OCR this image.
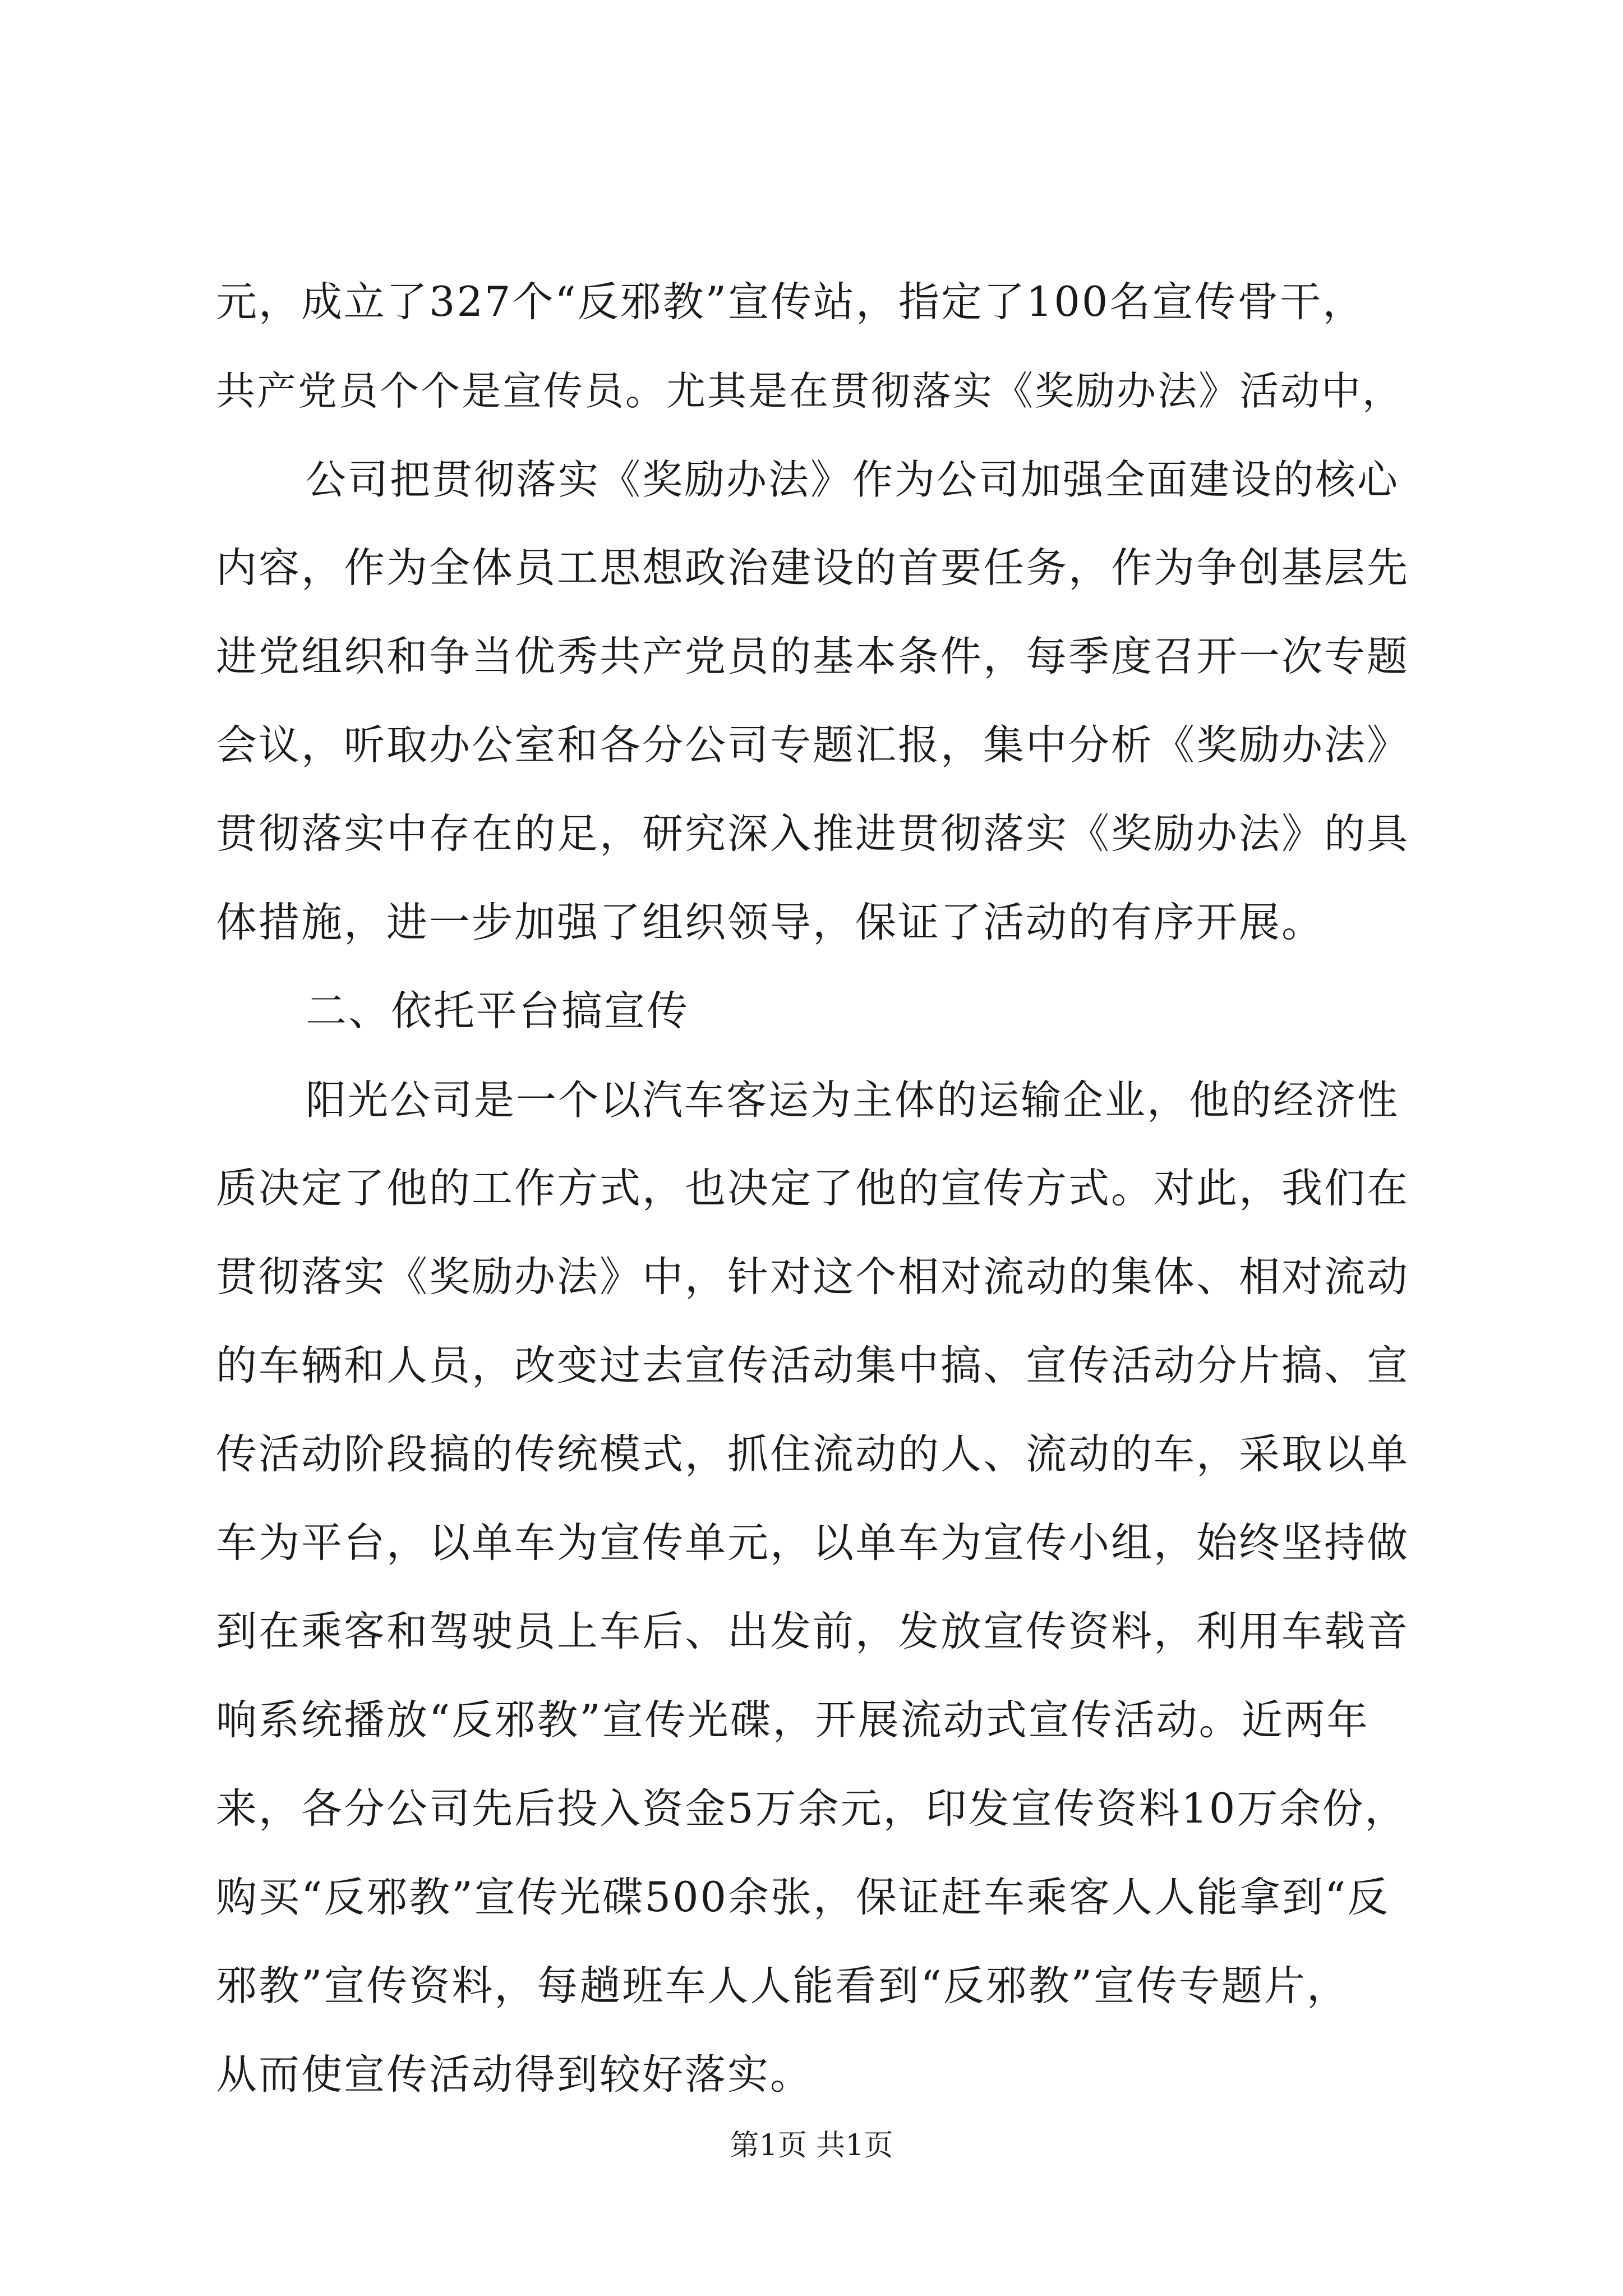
元，成立了327个“反邪教”宣传站，指定了100名宣传骨干，
共产党员个个是宣传员。尤其是在贯彻落实《奖励办法》活动中，
公司把贯彻落实《奖励办法》作为公司加强全面建设的核心
内容，作为全体员工思想政治建设的首要任务，作为争创基层先
进党组织和争当优秀共产党员的基本条件，每季度召开一次专题
会议，听取办公室和各分公司专题汇报，集中分析《奖励办法》
贯彻落实中存在的足，研究深入推进贯彻落实《奖励办法》的具
体措施，进一步加强了组织领导，保证了活动的有序开展。
二、依托平台搞宣传
阳光公司是一个以汽车客运为主体的运输企业，他的经济性
质决定了他的工作方式，也决定了他的宣传方式。对此，我们在
贯彻落实《奖励办法》中，针对这个相对流动的集体、相对流动
的车辆和人员，改变过去宣传活动集中搞、宣传活动分片搞、宣
传活动阶段搞的传统模式，抓住流动的人、流动的车，采取以单
车为平台，以单车为宣传单元，以单车为宣传小组，始终坚持做
到在乘客和驾驶员上车后、出发前，发放宣传资料，利用车载音
响系统播放“反邪教”宣传光碟，开展流动式宣传活动。近两年
来，各分公司先后投入资金5万余元，印发宣传资料10万余份，
购买“反邪教”宣传光碟500余张，保证赶车乘客人人能拿到“反
邪教”宣传资料，每趟班车人人能看到“反邪教”宣传专题片，
从而使宣传活动得到较好落实。
第1页 共1页
